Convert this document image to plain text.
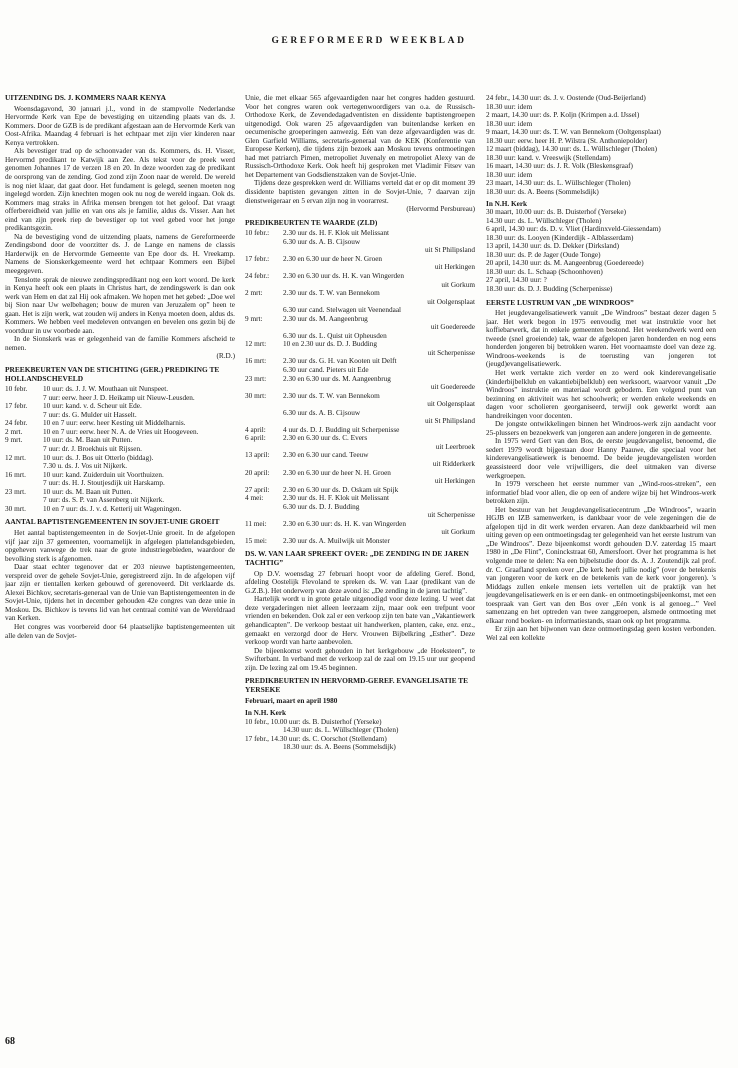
GEREFORMEERD WEEKBLAD
UITZENDING DS. J. KOMMERS NAAR KENYA

Woensdagavond, 30 januari j.l., vond in de stampvolle Nederlandse Hervormde Kerk van Epe de bevestiging en uitzending plaats van ds. J. Kommers. Door de GZB is de predikant afgestaan aan de Hervormde Kerk van Oost-Afrika. Maandag 4 februari is het echtpaar met zijn vier kinderen naar Kenya vertrokken.

Als bevestiger trad op de schoonvader van ds. Kommers, ds. H. Visser, Hervormd predikant te Katwijk aan Zee. Als tekst voor de preek werd genomen Johannes 17 de verzen 18 en 20. In deze woorden zag de predikant de oorsprong van de zending. God zond zijn Zoon naar de wereld. De wereld is nog niet klaar, dat gaat door. Het fundament is gelegd, seenen moeten nog ingelegd worden. Zijn knechten mogen ook nu nog de wereld ingaan. Ook ds. Kommers mag straks in Afrika mensen brengen tot het geloof. Dat vraagt offerbereidheid van jullie en van ons als je familie, aldus ds. Visser. Aan het eind van zijn preek riep de bevestiger op tot veel gebed voor het jonge predikantsgezin.

Na de bevestiging vond de uitzending plaats, namens de Gereformeerde Zendingsbond door de voorzitter ds. J. de Lange en namens de classis Harderwijk en de Hervormde Gemeente van Epe door ds. H. Vreekamp. Namens de Sionskerkgemeente werd het echtpaar Kommers een Bijbel meegegeven.

Tenslotte sprak de nieuwe zendingspredikant nog een kort woord. De kerk in Kenya heeft ook een plaats in Christus hart, de zendingswerk is dan ook werk van Hem en dat zal Hij ook afmaken. We hopen met het gebed: „Doe wel bij Sion naar Uw welbehagen; bouw de muren van Jeruzalem op” heen te gaan. Het is zijn werk, wat zouden wij anders in Kenya moeten doen, aldus ds. Kommers. We hebben veel medeleven ontvangen en bevelen ons gezin bij de voortduur in uw voorbede aan.

In de Sionskerk was er gelegenheid van de familie Kommers afscheid te nemen.

(R.D.)
PREEKBEURTEN VAN DE STICHTING (GER.) PREDIKING TE HOLLANDSCHEVELD
10 febr.	10 uur: ds. J. J. W. Mouthaan uit Nunspeet.
7 uur: eerw. heer J. D. Heikamp uit Nieuw-Leusden.
17 febr.	10 uur: kand. v. d. Scheur uit Ede.
7 uur: ds. G. Mulder uit Hasselt.
24 febr.	10 en 7 uur: eerw. heer Kesting uit Middelharnis.
2 mrt.	10 en 7 uur: eerw. heer N. A. de Vries uit Hoogeveen.
9 mrt.	10 uur: ds. M. Baan uit Putten.
7 uur: dr. J. Broekhuis uit Rijssen.
12 mrt.	10 uur: ds. J. Bos uit Otterlo (biddag).
7.30 u. ds. J. Vos uit Nijkerk.
16 mrt.	10 uur: kand. Zuiderduin uit Voorthuizen.
7 uur: ds. H. J. Stoutjesdijk uit Harskamp.
23 mrt.	10 uur: ds. M. Baan uit Putten.
7 uur: ds. S. P. van Assenberg uit Nijkerk.
30 mrt.	10 en 7 uur: ds. J. v. d. Ketterij uit Wageningen.
AANTAL BAPTISTENGEMEENTEN IN SOVJET-UNIE GROEIT

Het aantal baptistengemeenten in de Sovjet-Unie groeit. In de afgelopen vijf jaar zijn 37 gemeenten, voornamelijk in afgelegen plattelandsgebieden, opgeheven vanwege de trek naar de grote industriegebieden, waardoor de bevolking sterk is afgenomen.

Daar staat echter tegenover dat er 203 nieuwe baptistengemeenten, verspreid over de gehele Sovjet-Unie, geregistreerd zijn. In de afgelopen vijf jaar zijn er tientallen kerken gebouwd of gerenoveerd. Dit verklaarde ds. Alexei Bichkov, secretaris-generaal van de Unie van Baptistengemeenten in de Sovjet-Unie, tijdens het in december gehouden 42e congres van deze unie in Moskou. Ds. Bichkov is tevens lid van het centraal comité van de Wereldraad van Kerken.

Het congres was voorbereid door 64 plaatselijke baptistengemeenten uit alle delen van de Sovjet-

Unie, die met elkaar 565 afgevaardigden naar het congres hadden gestuurd. Voor het congres waren ook vertegenwoordigers van o.a. de Russisch-Orthodoxe Kerk, de Zevendedagadventisten en dissidente baptistengroepen uitgenodigd. Ook waren 25 afgevaardigden van buitenlandse kerken en oecumenische groeperingen aanwezig. Eén van deze afgevaardigden was dr. Glen Garfield Williams, secretaris-generaal van de KEK (Konferentie van Europese Kerken), die tijdens zijn bezoek aan Moskou tevens ontmoetingen had met patriarch Pimen, metropoliet Juvenaly en metropoliet Alexy van de Russisch-Orthodoxe Kerk. Ook heeft hij gesproken met Vladimir Fitsev van het Departement van Godsdienstzaken van de Sovjet-Unie.

Tijdens deze gesprekken werd dr. Williams verteld dat er op dit moment 39 dissidente baptisten gevangen zitten in de Sovjet-Unie, 7 daarvan zijn dienstweigeraar en 5 ervan zijn nog in voorarrest.

(Hervormd Persbureau)
PREDIKBEURTEN TE WAARDE (ZLD)
10 febr.:	2.30 uur ds. H. F. Klok uit Melissant
6.30 uur ds. A. B. Cijsouw
uit St Philipsland
17 febr.:	2.30 en 6.30 uur de heer N. Groen
uit Herkingen
24 febr.:	2.30 en 6.30 uur ds. H. K. van Wingerden
uit Gorkum
2 mrt:	2.30 uur ds. T. W. van Bennekom
uit Oolgensplaat
6.30 uur cand. Stelwagen uit Veenendaal
9 mrt:	2.30 uur ds. M. Aangeenbrug
uit Goedereede
6.30 uur ds. L. Quist uit Opheusden
12 mrt:	10 en 2.30 uur ds. D. J. Budding
uit Scherpenisse
16 mrt:	2.30 uur ds. G. H. van Kooten uit Delft
6.30 uur cand. Pieters uit Ede
23 mrt:	2.30 en 6.30 uur ds. M. Aangeenbrug
uit Goedereede
30 mrt:	2.30 uur ds. T. W. van Bennekom
uit Oolgensplaat
6.30 uur ds. A. B. Cijsouw
uit St Philipsland
4 april:	4 uur ds. D. J. Budding uit Scherpenisse
6 april:	2.30 en 6.30 uur ds. C. Evers
uit Leerbroek
13 april:	2.30 en 6.30 uur cand. Teeuw
uit Ridderkerk
20 april:	2.30 en 6.30 uur de heer N. H. Groen
uit Herkingen
27 april:	2.30 en 6.30 uur ds. D. Oskam uit Spijk
4 mei:	2.30 uur ds. H. F. Klok uit Melissant
6.30 uur ds. D. J. Budding
uit Scherpenisse
11 mei:	2.30 en 6.30 uur: ds. H. K. van Wingerden
uit Gorkum
15 mei:	2.30 uur ds. A. Muilwijk uit Monster
DS. W. VAN LAAR SPREEKT OVER: „DE ZENDING IN DE JAREN TACHTIG”

Op D.V. woensdag 27 februari hoopt voor de afdeling Geref. Bond, afdeling Oostelijk Flevoland te spreken ds. W. van Laar (predikant van de G.Z.B.). Het onderwerp van deze avond is: „De zending in de jaren tachtig”.

Hartelijk wordt u in grote getale uitgenodigd voor deze lezing. U weet dat deze vergaderingen niet alleen leerzaam zijn, maar ook een trefpunt voor vrienden en bekenden. Ook zal er een verkoop zijn ten bate van „Vakantiewerk gehandicapten”. De verkoop bestaat uit handwerken, planten, cake, enz. enz., gemaakt en verzorgd door de Herv. Vrouwen Bijbelkring „Esther”. Deze verkoop wordt van harte aanbevolen.

De bijeenkomst wordt gehouden in het kerkgebouw „de Hoeksteen”, te Swifterbant. In verband met de verkoop zal de zaal om 19.15 uur uur geopend zijn. De lezing zal om 19.45 beginnen.

PREDIKBEURTEN IN HERVORMD-GEREF. EVANGELISATIE TE YERSEKE
Februari, maart en april 1980
In N.H. Kerk
10 febr., 10.00 uur: ds. B. Duisterhof (Yerseke)
14.30 uur: ds. L. Wüllschleger (Tholen)
17 febr., 14.30 uur: ds. C. Oorschot (Stellendam)
18.30 uur: ds. A. Beens (Sommelsdijk)
24 febr., 14.30 uur: ds. J. v. Oostende (Oud-Beijerland)
18.30 uur: idem
2 maart, 14.30 uur: ds. P. Koljn (Krimpen a.d. IJssel)
18.30 uur: idem
9 maart, 14.30 uur: ds. T. W. van Bennekom (Ooltgensplaat)
18.30 uur: eerw. heer H. P. Wilstra (St. Anthoniepolder)
12 maart (biddag), 14.30 uur: ds. L. Wüllschleger (Tholen)
18.30 uur: kand. v. Vreeswijk (Stellendam)
16 maart, 14.30 uur: ds. J. R. Volk (Bleskensgraaf)
18.30 uur: idem
23 maart, 14.30 uur: ds. L. Wüllschleger (Tholen)
18.30 uur: ds. A. Beens (Sommelsdijk)
In N.H. Kerk
30 maart, 10.00 uur: ds. B. Duisterhof (Yerseke)
14.30 uur: ds. L. Wüllschleger (Tholen)
6 april, 14.30 uur: ds. D. v. Vliet (Hardinxveld-Giessendam)
18.30 uur: ds. Looyen (Kinderdijk - Alblasserdam)
13 april, 14.30 uur: ds. D. Dekker (Dirksland)
18.30 uur: ds. P. de Jager (Oude Tonge)
20 april, 14.30 uur: ds. M. Aangeenbrug (Goedereede)
18.30 uur: ds. L. Schaap (Schoonhoven)
27 april, 14.30 uur: ?
18.30 uur: ds. D. J. Budding (Scherpenisse)
EERSTE LUSTRUM VAN „DE WINDROOS”

Het jeugdevangelisatiewerk vanuit „De Windroos” bestaat dezer dagen 5 jaar. Het werk begon in 1975 eenvoudig met wat instruktie voor het koffiebarwerk, dat in enkele gemeenten bestond. Het weekendwerk werd een tweede (snel groeiende) tak, waar de afgelopen jaren honderden en nog eens honderden jongeren bij betrokken waren. Het voornaamste doel van deze zg. Windroos-weekends is de toerusting van jongeren tot (jeugd)evangelisatiewerk.

Het werk vertakte zich verder en zo werd ook kinderevangelisatie (kinderbijbelklub en vakantiebijbelklub) een werksoort, waarvoor vanuit „De Windroos” instruktie en materiaal wordt gebodem. Een volgend punt van bezinning en aktiviteit was het schoolwerk; er werden enkele weekends en dagen voor scholieren georganiseerd, terwijl ook gewerkt wordt aan handreikingen voor docenten.

De jongste ontwikkelingen binnen het Windroos-werk zijn aandacht voor 25-plussers en bezoekwerk van jongeren aan andere jongeren in de gemeente.

In 1975 werd Gert van den Bos, de eerste jeugdevangelist, benoemd, die sedert 1979 wordt bijgestaan door Hanny Paauwe, die speciaal voor het kinderevangelisatiewerk is benoemd. De beide jeugdevangelisten worden geassisteerd door vele vrijwilligers, die deel uitmaken van diverse werkgroepen.

In 1979 verscheen het eerste nummer van „Wind-roos-streken”, een informatief blad voor allen, die op een of andere wijze bij het Windroos-werk betrokken zijn.

Het bestuur van het Jeugdevangelisatiecentrum „De Windroos”, waarin HGJB en IZB samenwerken, is dankbaar voor de vele zegeningen die de afgelopen tijd in dit werk werden ervaren. Aan deze dankbaarheid wil men uiting geven op een ontmoetingsdag ter gelegenheid van het eerste lustrum van „De Windroos”. Deze bijeenkomst wordt gehouden D.V. zaterdag 15 maart 1980 in „De Flint”, Coninckstraat 60, Amersfoort. Over het programma is het volgende mee te delen: Na een bijbelstudie door ds. A. J. Zoutendijk zal prof. dr. C. Graafland spreken over „De kerk heeft jullie nodig” (over de betekenis van jongeren voor de kerk en de betekenis van de kerk voor jongeren). 's Middags zullen enkele mensen iets vertellen uit de praktijk van het jeugdevangelisatiewerk en is er een dank- en ontmoetingsbijeenkomst, met een toespraak van Gert van den Bos over „Eén vonk is al genoeg...” Veel samenzang en het optreden van twee zanggroepen, alsmede ontmoeting met elkaar rond boeken- en informatiestands, staan ook op het programma.

Er zijn aan het bijwonen van deze ontmoetingsdag geen kosten verbonden. Wel zal een kollekte

68
